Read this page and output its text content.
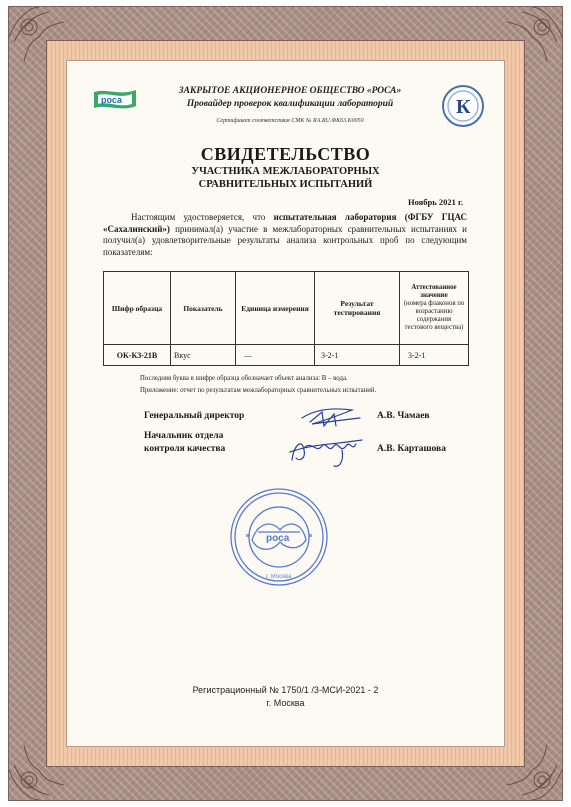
роса	К
ЗАКРЫТОЕ АКЦИОНЕРНОЕ ОБЩЕСТВО «РОСА»
Провайдер проверок квалификации лабораторий
Сертификат соответствия СМК № RA.RU.ФК63.K0050
СВИДЕТЕЛЬСТВО
УЧАСТНИКА МЕЖЛАБОРАТОРНЫХ
СРАВНИТЕЛЬНЫХ ИСПЫТАНИЙ
Ноябрь 2021 г.
Настоящим удостоверяется, что испытательная лаборатория (ФГБУ ГЦАС «Сахалинский») принимал(а) участие в межлабораторных сравнительных испытаниях и получил(а) удовлетворительные результаты анализа контрольных проб по следующим показателям:
Шифр образца	Показатель	Единица измерения	Результат тестирования	Аттестованное значение
(номера флаконов по возрастанию содержания тестового вещества)
ОК-К3-21В	Вкус	—	3-2-1	3-2-1
Последняя буква в шифре образца обозначает объект анализа: В – вода.
Приложение: отчет по результатам межлабораторных сравнительных испытаний.
Генеральный директор	А.В. Чамаев
Начальник отдела
контроля качества	А.В. Карташова
роса
г. Москва
Регистрационный № 1750/1 /3-МСИ-2021 - 2
г. Москва
